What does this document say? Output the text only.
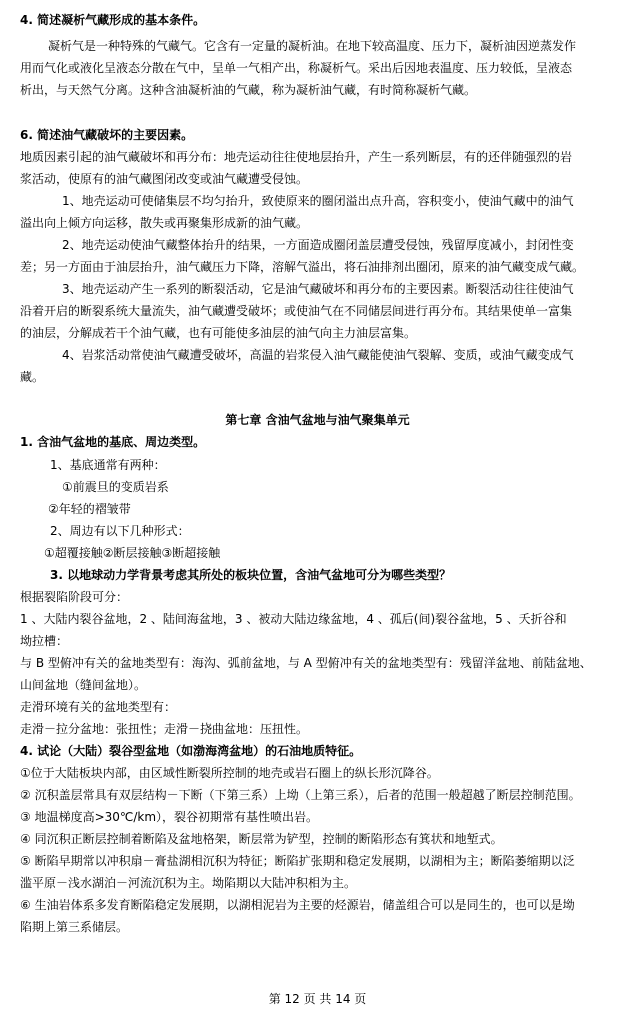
4. 简述凝析气藏形成的基本条件。
凝析气是一种特殊的气藏气。它含有一定量的凝析油。在地下较高温度、压力下，凝析油因逆蒸发作
用而气化或液化呈液态分散在气中，呈单一气相产出，称凝析气。采出后因地表温度、压力较低，呈液态
析出，与天然气分离。这种含油凝析油的气藏，称为凝析油气藏，有时简称凝析气藏。
6. 简述油气藏破坏的主要因素。
地质因素引起的油气藏破坏和再分布：地壳运动往往使地层抬升，产生一系列断层，有的还伴随强烈的岩
浆活动，使原有的油气藏图闭改变或油气藏遭受侵蚀。
1、地壳运动可使储集层不均匀抬升，致使原来的圈闭溢出点升高，容积变小，使油气藏中的油气
溢出向上倾方向运移，散失或再聚集形成新的油气藏。
2、地壳运动使油气藏整体抬升的结果，一方面造成圈闭盖层遭受侵蚀，残留厚度减小，封闭性变
差；另一方面由于油层抬升，油气藏压力下降，溶解气溢出，将石油排剂出圈闭，原来的油气藏变成气藏。
3、地壳运动产生一系列的断裂活动，它是油气藏破坏和再分布的主要因素。断裂活动往往使油气
沿着开启的断裂系统大量流失，油气藏遭受破坏；或使油气在不同储层间进行再分布。其结果使单一富集
的油层，分解成若干个油气藏，也有可能使多油层的油气向主力油层富集。
4、岩浆活动常使油气藏遭受破坏，高温的岩浆侵入油气藏能使油气裂解、变质，或油气藏变成气
藏。
第七章 含油气盆地与油气聚集单元
1. 含油气盆地的基底、周边类型。
1、基底通常有两种：
①前震旦的变质岩系
②年轻的褶皱带
2、周边有以下几种形式：
①超覆接触②断层接触③断超接触
3. 以地球动力学背景考虑其所处的板块位置，含油气盆地可分为哪些类型？
根据裂陷阶段可分：
1 、大陆内裂谷盆地，2 、陆间海盆地，3 、被动大陆边缘盆地，4 、孤后(间)裂谷盆地，5 、夭折谷和
坳拉槽：
与 B 型俯冲有关的盆地类型有：海沟、弧前盆地，与 A 型俯冲有关的盆地类型有：残留洋盆地、前陆盆地、
山间盆地（缝间盆地）。
走滑环境有关的盆地类型有：
走滑－拉分盆地：张扭性；走滑－挠曲盆地：压扭性。
4. 试论（大陆）裂谷型盆地（如渤海湾盆地）的石油地质特征。
①位于大陆板块内部，由区域性断裂所控制的地壳或岩石圈上的纵长形沉降谷。
② 沉积盖层常具有双层结构－下断（下第三系）上坳（上第三系），后者的范围一般超越了断层控制范围。
③ 地温梯度高>30℃/km），裂谷初期常有基性喷出岩。
④ 同沉积正断层控制着断陷及盆地格架，断层常为铲型，控制的断陷形态有箕状和地堑式。
⑤ 断陷早期常以冲积扇－膏盐湖相沉积为特征；断陷扩张期和稳定发展期，以湖相为主；断陷萎缩期以泛
滥平原－浅水湖泊－河流沉积为主。坳陷期以大陆冲积相为主。
⑥ 生油岩体系多发育断陷稳定发展期，以湖相泥岩为主要的烃源岩，储盖组合可以是同生的，也可以是坳
陷期上第三系储层。
第 12 页 共 14 页
